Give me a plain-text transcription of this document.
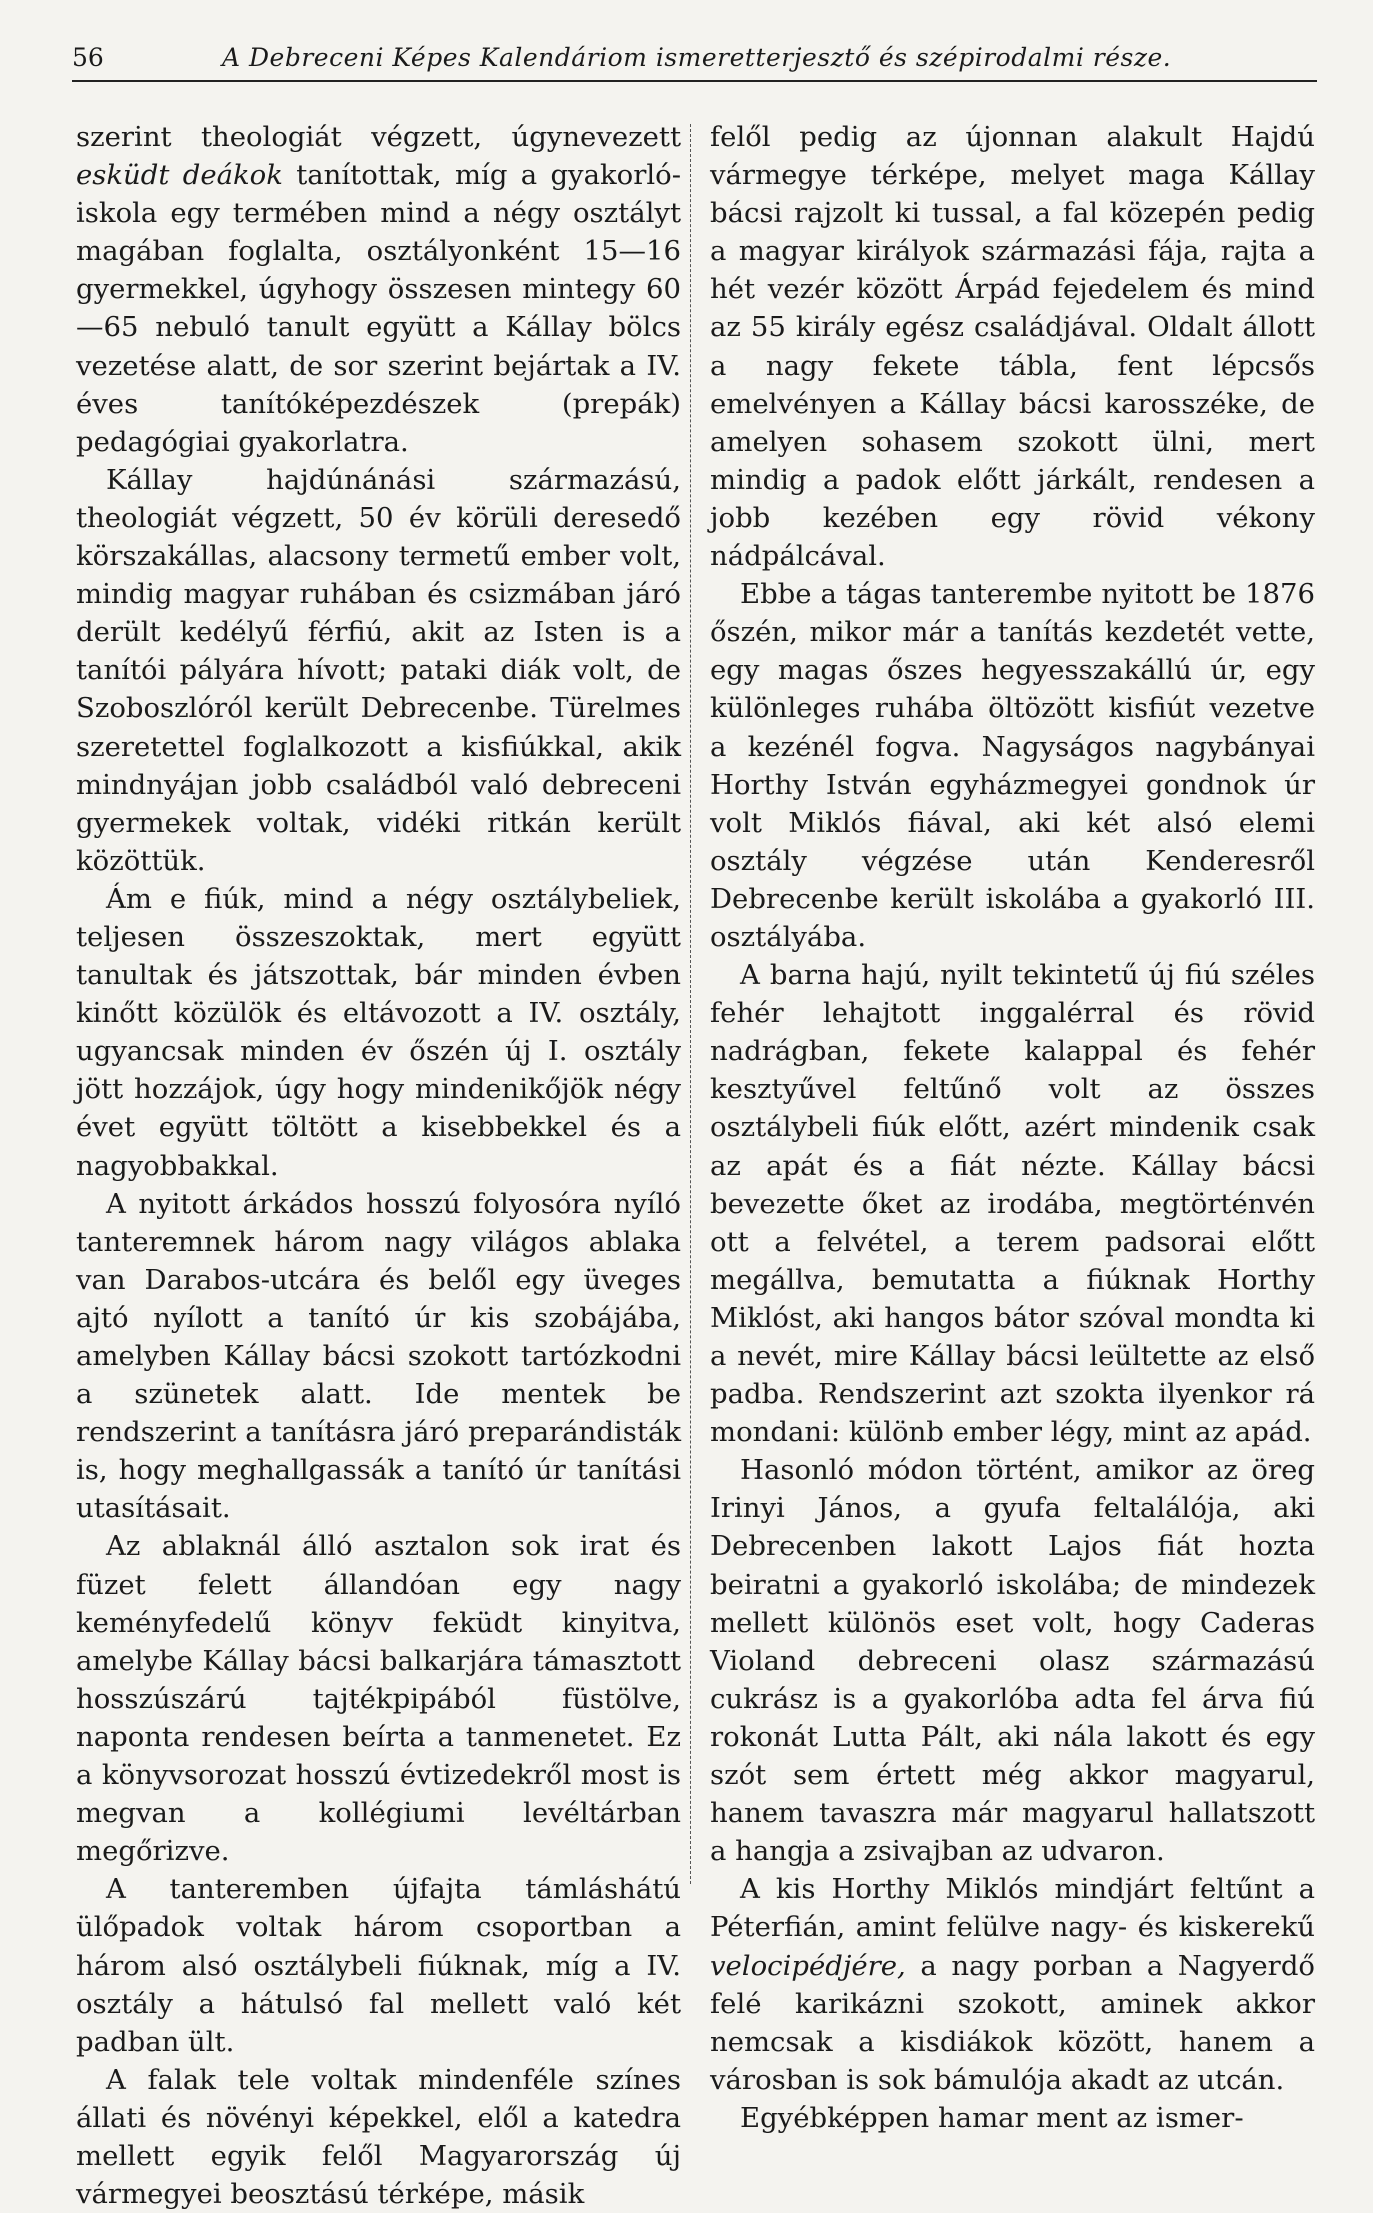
56	A Debreceni Képes Kalendáriom ismeretterjesztő és szépirodalmi része.

szerint theologiát végzett, úgynevezett esküdt deákok tanítottak, míg a gyakorló-iskola egy termében mind a négy osztályt magában foglalta, osztályonként 15—16 gyermekkel, úgyhogy összesen mintegy 60—65 nebuló tanult együtt a Kállay bölcs vezetése alatt, de sor szerint bejártak a IV. éves tanítóképezdészek (prepák) pedagógiai gyakorlatra.

Kállay hajdúnánási származású, theologiát végzett, 50 év körüli deresedő körszakállas, alacsony termetű ember volt, mindig magyar ruhában és csizmában járó derült kedélyű férfiú, akit az Isten is a tanítói pályára hívott; pataki diák volt, de Szoboszlóról került Debrecenbe. Türelmes szeretettel foglalkozott a kisfiúkkal, akik mindnyájan jobb családból való debreceni gyermekek voltak, vidéki ritkán került közöttük.

Ám e fiúk, mind a négy osztálybeliek, teljesen összeszoktak, mert együtt tanultak és játszottak, bár minden évben kinőtt közülök és eltávozott a IV. osztály, ugyancsak minden év őszén új I. osztály jött hozzájok, úgy hogy mindenikőjök négy évet együtt töltött a kisebbekkel és a nagyobbakkal.

A nyitott árkádos hosszú folyosóra nyíló tanteremnek három nagy világos ablaka van Darabos-utcára és belől egy üveges ajtó nyílott a tanító úr kis szobájába, amelyben Kállay bácsi szokott tartózkodni a szünetek alatt. Ide mentek be rendszerint a tanításra járó preparándisták is, hogy meghallgassák a tanító úr tanítási utasításait.

Az ablaknál álló asztalon sok irat és füzet felett állandóan egy nagy keményfedelű könyv feküdt kinyitva, amelybe Kállay bácsi balkarjára támasztott hosszúszárú tajtékpipából füstölve, naponta rendesen beírta a tanmenetet. Ez a könyvsorozat hosszú évtizedekről most is megvan a kollégiumi levéltárban megőrizve.

A tanteremben újfajta támláshátú ülőpadok voltak három csoportban a három alsó osztálybeli fiúknak, míg a IV. osztály a hátulsó fal mellett való két padban ült.

A falak tele voltak mindenféle színes állati és növényi képekkel, elől a katedra mellett egyik felől Magyarország új vármegyei beosztású térképe, másik

felől pedig az újonnan alakult Hajdú vármegye térképe, melyet maga Kállay bácsi rajzolt ki tussal, a fal közepén pedig a magyar királyok származási fája, rajta a hét vezér között Árpád fejedelem és mind az 55 király egész családjával. Oldalt állott a nagy fekete tábla, fent lépcsős emelvényen a Kállay bácsi karosszéke, de amelyen sohasem szokott ülni, mert mindig a padok előtt járkált, rendesen a jobb kezében egy rövid vékony nádpálcával.

Ebbe a tágas tanterembe nyitott be 1876 őszén, mikor már a tanítás kezdetét vette, egy magas őszes hegyesszakállú úr, egy különleges ruhába öltözött kisfiút vezetve a kezénél fogva. Nagyságos nagybányai Horthy István egyházmegyei gondnok úr volt Miklós fiával, aki két alsó elemi osztály végzése után Kenderesről Debrecenbe került iskolába a gyakorló III. osztályába.

A barna hajú, nyilt tekintetű új fiú széles fehér lehajtott inggalérral és rövid nadrágban, fekete kalappal és fehér kesztyűvel feltűnő volt az összes osztálybeli fiúk előtt, azért mindenik csak az apát és a fiát nézte. Kállay bácsi bevezette őket az irodába, megtörténvén ott a felvétel, a terem padsorai előtt megállva, bemutatta a fiúknak Horthy Miklóst, aki hangos bátor szóval mondta ki a nevét, mire Kállay bácsi leültette az első padba. Rendszerint azt szokta ilyenkor rá mondani: különb ember légy, mint az apád.

Hasonló módon történt, amikor az öreg Irinyi János, a gyufa feltalálója, aki Debrecenben lakott Lajos fiát hozta beiratni a gyakorló iskolába; de mindezek mellett különös eset volt, hogy Caderas Violand debreceni olasz származású cukrász is a gyakorlóba adta fel árva fiú rokonát Lutta Pált, aki nála lakott és egy szót sem értett még akkor magyarul, hanem tavaszra már magyarul hallatszott a hangja a zsivajban az udvaron.

A kis Horthy Miklós mindjárt feltűnt a Péterfián, amint felülve nagy- és kiskerekű velocipédjére, a nagy porban a Nagyerdő felé karikázni szokott, aminek akkor nemcsak a kisdiákok között, hanem a városban is sok bámulója akadt az utcán.

Egyébképpen hamar ment az ismer-
